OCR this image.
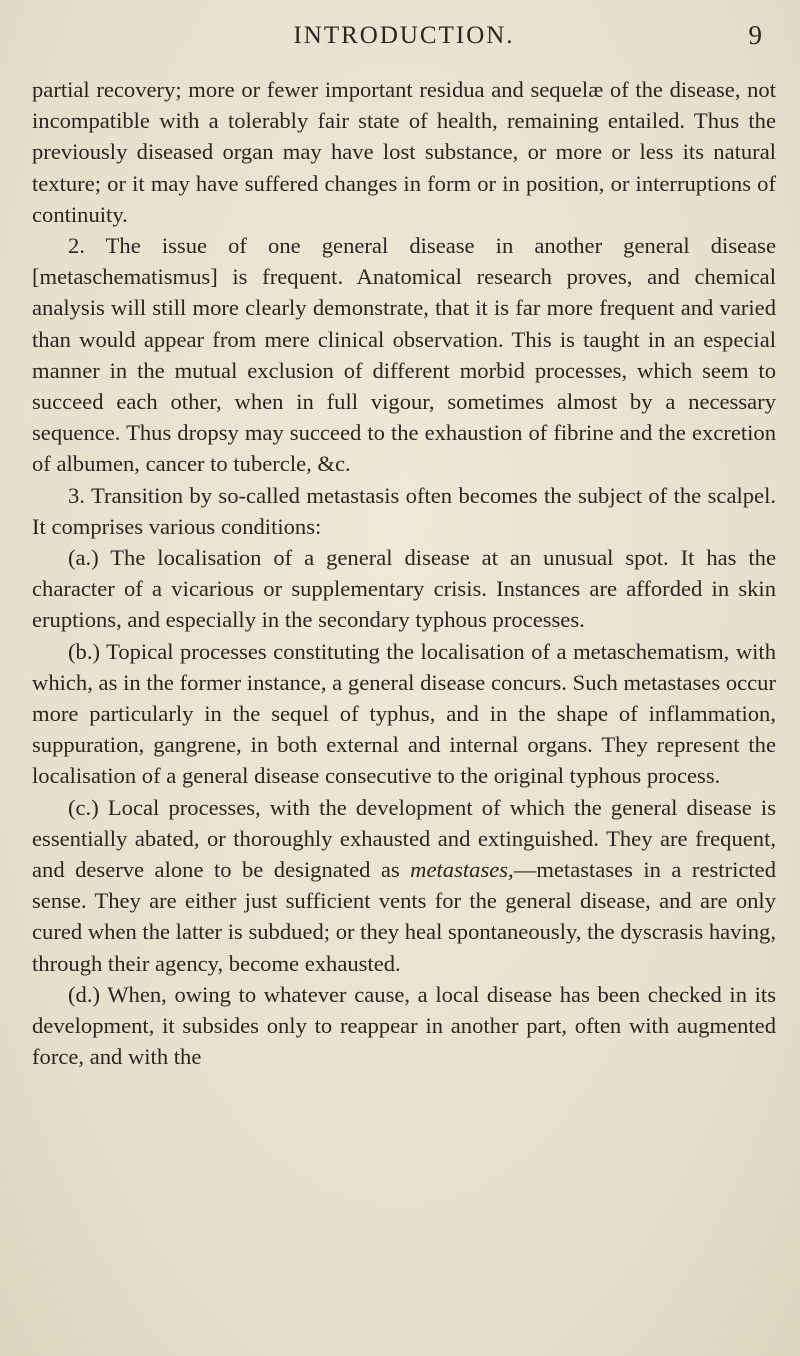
INTRODUCTION.	9

partial recovery; more or fewer important residua and sequelæ of the disease, not incompatible with a tolerably fair state of health, remaining entailed. Thus the previously diseased organ may have lost substance, or more or less its natural texture; or it may have suffered changes in form or in position, or interruptions of continuity.

2. The issue of one general disease in another general disease [metaschematismus] is frequent. Anatomical research proves, and chemical analysis will still more clearly demonstrate, that it is far more frequent and varied than would appear from mere clinical observation. This is taught in an especial manner in the mutual exclusion of different morbid processes, which seem to succeed each other, when in full vigour, sometimes almost by a necessary sequence. Thus dropsy may succeed to the exhaustion of fibrine and the excretion of albumen, cancer to tubercle, &c.

3. Transition by so-called metastasis often becomes the subject of the scalpel. It comprises various conditions:

(a.) The localisation of a general disease at an unusual spot. It has the character of a vicarious or supplementary crisis. Instances are afforded in skin eruptions, and especially in the secondary typhous processes.

(b.) Topical processes constituting the localisation of a metaschematism, with which, as in the former instance, a general disease concurs. Such metastases occur more particularly in the sequel of typhus, and in the shape of inflammation, suppuration, gangrene, in both external and internal organs. They represent the localisation of a general disease consecutive to the original typhous process.

(c.) Local processes, with the development of which the general disease is essentially abated, or thoroughly exhausted and extinguished. They are frequent, and deserve alone to be designated as metastases,—metastases in a restricted sense. They are either just sufficient vents for the general disease, and are only cured when the latter is subdued; or they heal spontaneously, the dyscrasis having, through their agency, become exhausted.

(d.) When, owing to whatever cause, a local disease has been checked in its development, it subsides only to reappear in another part, often with augmented force, and with the
